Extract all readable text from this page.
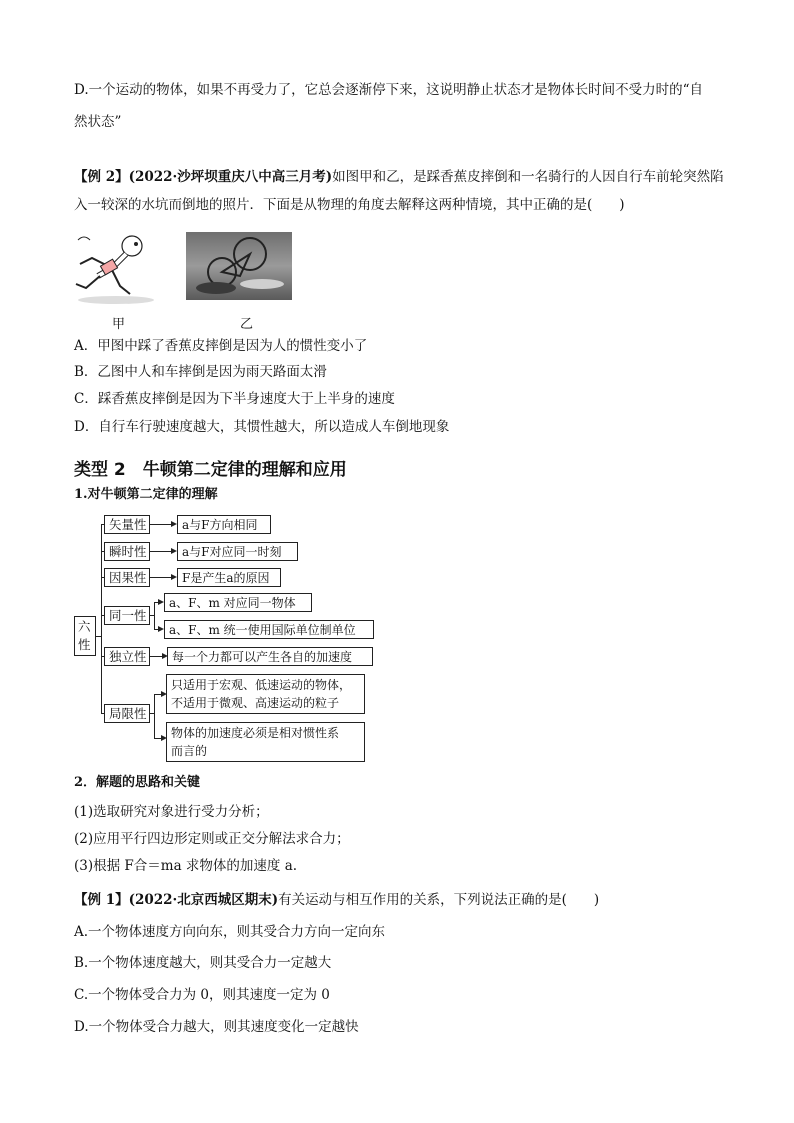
D.一个运动的物体，如果不再受力了，它总会逐渐停下来，这说明静止状态才是物体长时间不受力时的“自
然状态”
【例 2】(2022·沙坪坝重庆八中高三月考)如图甲和乙，是踩香蕉皮摔倒和一名骑行的人因自行车前轮突然陷
入一较深的水坑而倒地的照片．下面是从物理的角度去解释这两种情境，其中正确的是(　　)
甲	乙
A．甲图中踩了香蕉皮摔倒是因为人的惯性变小了
B．乙图中人和车摔倒是因为雨天路面太滑
C．踩香蕉皮摔倒是因为下半身速度大于上半身的速度
D．自行车行驶速度越大，其惯性越大，所以造成人车倒地现象
类型 2　牛顿第二定律的理解和应用
1.对牛顿第二定律的理解
六性
矢量性
瞬时性
因果性
同一性
独立性
局限性
a与F方向相同
a与F对应同一时刻
F是产生a的原因
a、F、m 对应同一物体
a、F、m 统一使用国际单位制单位
每一个力都可以产生各自的加速度
只适用于宏观、低速运动的物体，
不适用于微观、高速运动的粒子
物体的加速度必须是相对惯性系
而言的
2．解题的思路和关键
(1)选取研究对象进行受力分析；
(2)应用平行四边形定则或正交分解法求合力；
(3)根据 F合＝ma 求物体的加速度 a.
【例 1】(2022·北京西城区期末)有关运动与相互作用的关系，下列说法正确的是(　　)
A.一个物体速度方向向东，则其受合力方向一定向东
B.一个物体速度越大，则其受合力一定越大
C.一个物体受合力为 0，则其速度一定为 0
D.一个物体受合力越大，则其速度变化一定越快
